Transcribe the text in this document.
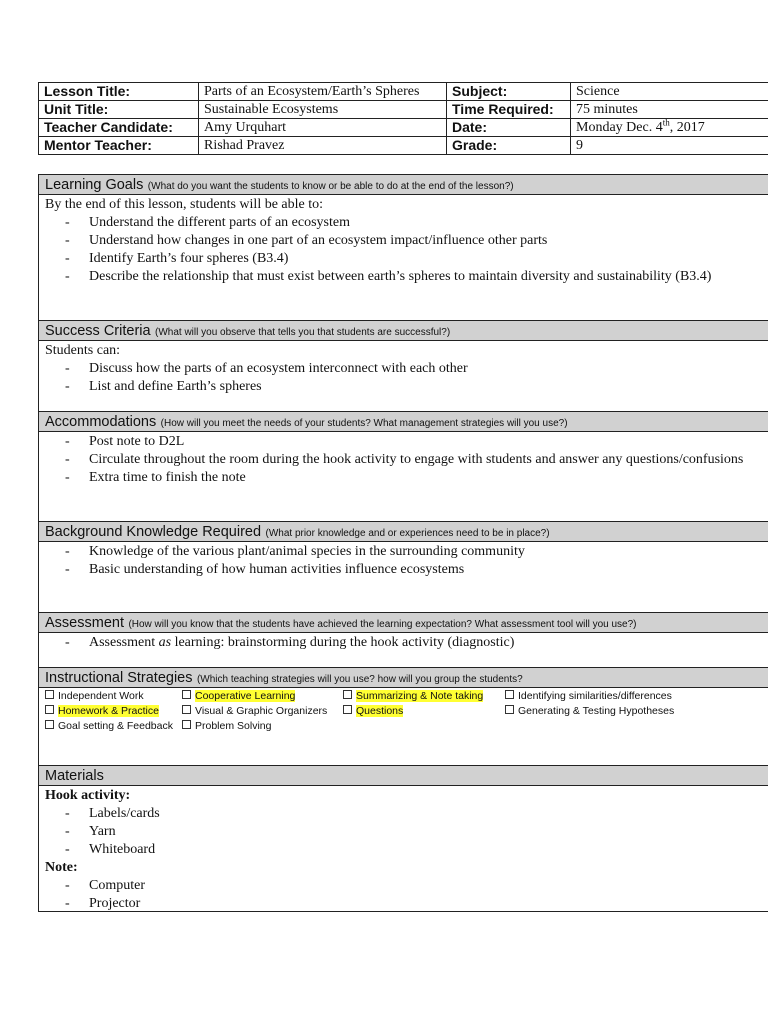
Lesson Title:	Parts of an Ecosystem/Earth’s Spheres	Subject:	Science
Unit Title:	Sustainable Ecosystems	Time Required:	75 minutes
Teacher Candidate:	Amy Urquhart	Date:	Monday Dec. 4th, 2017
Mentor Teacher:	Rishad Pravez	Grade:	9
Learning Goals (What do you want the students to know or be able to do at the end of the lesson?)

By the end of this lesson, students will be able to:

- Understand the different parts of an ecosystem
- Understand how changes in one part of an ecosystem impact/influence other parts
- Identify Earth’s four spheres (B3.4)
- Describe the relationship that must exist between earth’s spheres to maintain diversity and sustainability (B3.4)
Success Criteria (What will you observe that tells you that students are successful?)

Students can:

- Discuss how the parts of an ecosystem interconnect with each other
- List and define Earth’s spheres
Accommodations (How will you meet the needs of your students? What management strategies will you use?)
- Post note to D2L
- Circulate throughout the room during the hook activity to engage with students and answer any questions/confusions
- Extra time to finish the note
Background Knowledge Required (What prior knowledge and or experiences need to be in place?)
- Knowledge of the various plant/animal species in the surrounding community
- Basic understanding of how human activities influence ecosystems
Assessment (How will you know that the students have achieved the learning expectation? What assessment tool will you use?)
- Assessment as learning: brainstorming during the hook activity (diagnostic)
Instructional Strategies (Which teaching strategies will you use? how will you group the students?
Independent Work	Cooperative Learning	Summarizing & Note taking	Identifying similarities/differences
Homework & Practice	Visual & Graphic Organizers	Questions	Generating & Testing Hypotheses
Goal setting & Feedback	Problem Solving
Materials
Hook activity:
- Labels/cards
- Yarn
- Whiteboard
Note:
- Computer
- Projector
